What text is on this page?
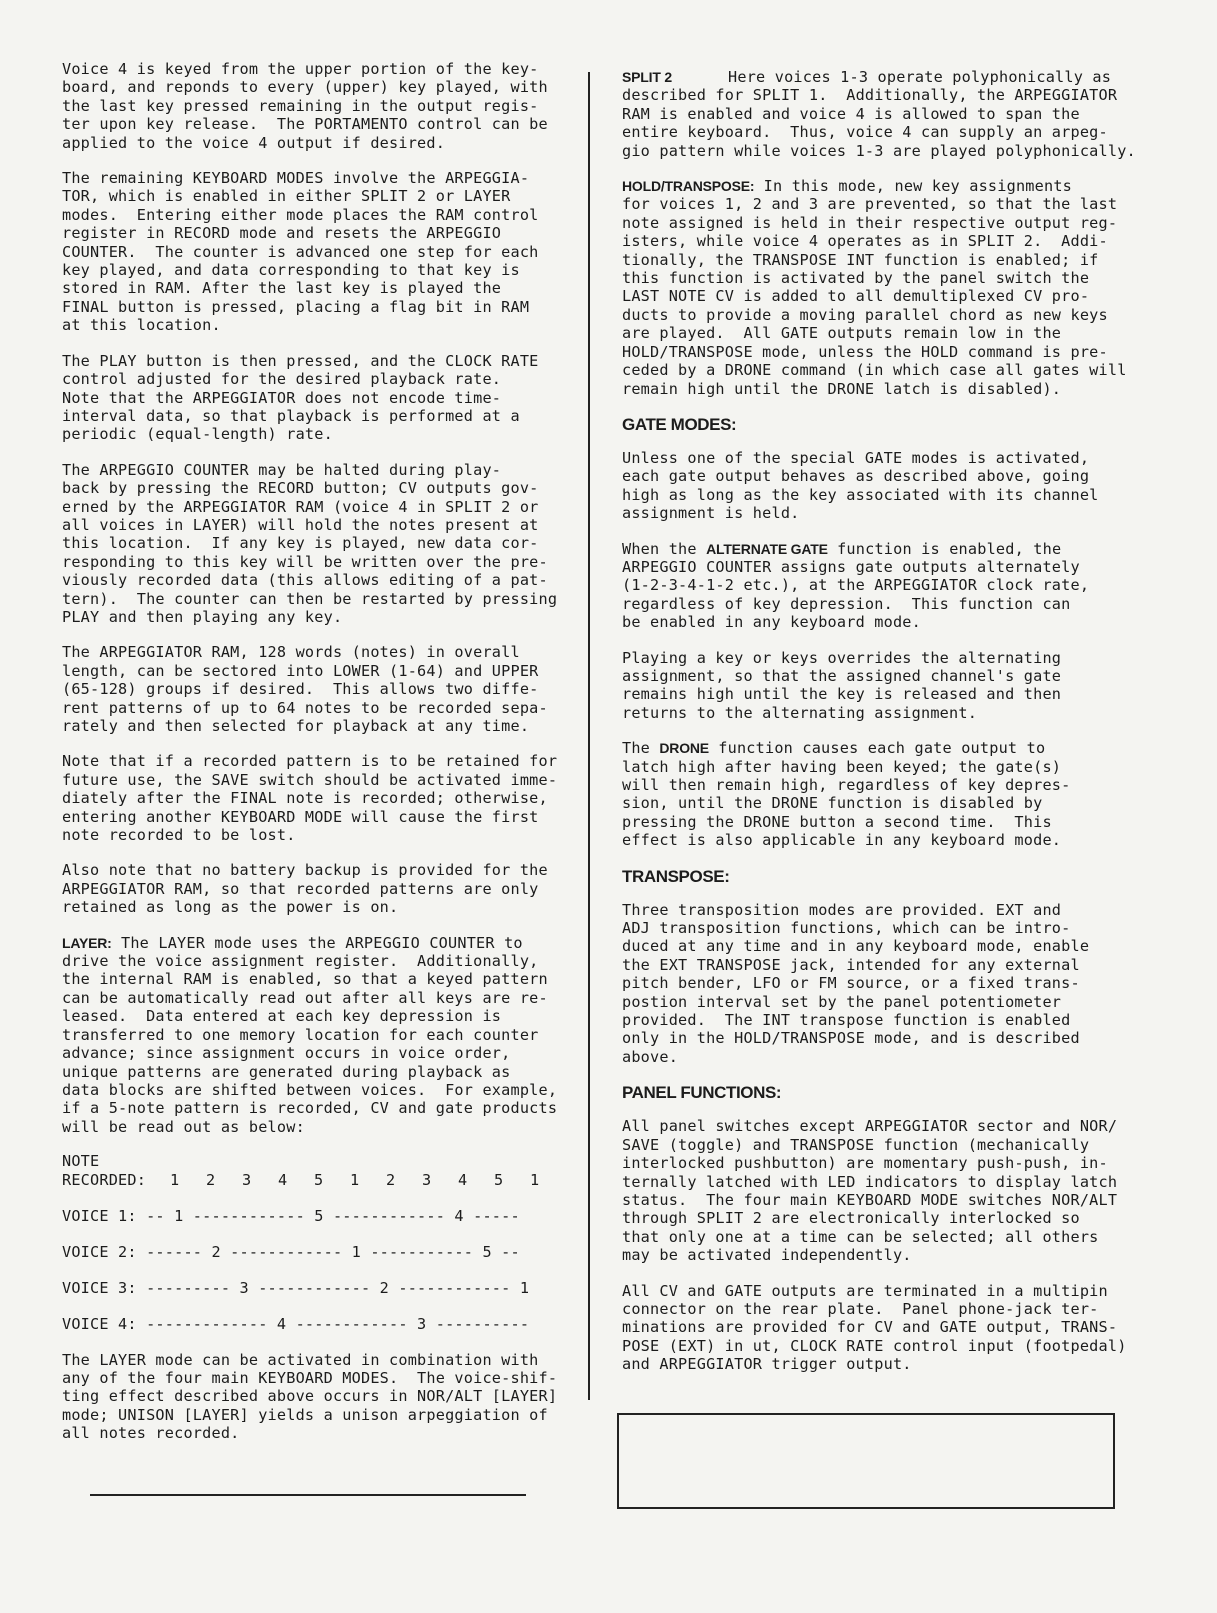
Voice 4 is keyed from the upper portion of the key-
board, and reponds to every (upper) key played, with
the last key pressed remaining in the output regis-
ter upon key release.  The PORTAMENTO control can be
applied to the voice 4 output if desired.
The remaining KEYBOARD MODES involve the ARPEGGIA-
TOR, which is enabled in either SPLIT 2 or LAYER
modes.  Entering either mode places the RAM control
register in RECORD mode and resets the ARPEGGIO
COUNTER.  The counter is advanced one step for each
key played, and data corresponding to that key is
stored in RAM. After the last key is played the
FINAL button is pressed, placing a flag bit in RAM
at this location.
The PLAY button is then pressed, and the CLOCK RATE
control adjusted for the desired playback rate.
Note that the ARPEGGIATOR does not encode time-
interval data, so that playback is performed at a
periodic (equal-length) rate.
The ARPEGGIO COUNTER may be halted during play-
back by pressing the RECORD button; CV outputs gov-
erned by the ARPEGGIATOR RAM (voice 4 in SPLIT 2 or
all voices in LAYER) will hold the notes present at
this location.  If any key is played, new data cor-
responding to this key will be written over the pre-
viously recorded data (this allows editing of a pat-
tern).  The counter can then be restarted by pressing
PLAY and then playing any key.
The ARPEGGIATOR RAM, 128 words (notes) in overall
length, can be sectored into LOWER (1-64) and UPPER
(65-128) groups if desired.  This allows two diffe-
rent patterns of up to 64 notes to be recorded sepa-
rately and then selected for playback at any time.
Note that if a recorded pattern is to be retained for
future use, the SAVE switch should be activated imme-
diately after the FINAL note is recorded; otherwise,
entering another KEYBOARD MODE will cause the first
note recorded to be lost.
Also note that no battery backup is provided for the
ARPEGGIATOR RAM, so that recorded patterns are only
retained as long as the power is on.
LAYER: The LAYER mode uses the ARPEGGIO COUNTER to
drive the voice assignment register.  Additionally,
the internal RAM is enabled, so that a keyed pattern
can be automatically read out after all keys are re-
leased.  Data entered at each key depression is
transferred to one memory location for each counter
advance; since assignment occurs in voice order,
unique patterns are generated during playback as
data blocks are shifted between voices.  For example,
if a 5-note pattern is recorded, CV and gate products
will be read out as below:
NOTE
RECORDED: 1 2 3 4 5 1 2 3 4 5 1
VOICE 1: -- 1 ------------ 5 ------------ 4 -----
VOICE 2: ------ 2 ------------ 1 ----------- 5 --
VOICE 3: --------- 3 ------------ 2 ------------ 1
VOICE 4: ------------- 4 ------------ 3 ----------
The LAYER mode can be activated in combination with
any of the four main KEYBOARD MODES.  The voice-shif-
ting effect described above occurs in NOR/ALT [LAYER]
mode; UNISON [LAYER] yields a unison arpeggiation of
all notes recorded.
SPLIT 2      Here voices 1-3 operate polyphonically as
described for SPLIT 1.  Additionally, the ARPEGGIATOR
RAM is enabled and voice 4 is allowed to span the
entire keyboard.  Thus, voice 4 can supply an arpeg-
gio pattern while voices 1-3 are played polyphonically.
HOLD/TRANSPOSE: In this mode, new key assignments
for voices 1, 2 and 3 are prevented, so that the last
note assigned is held in their respective output reg-
isters, while voice 4 operates as in SPLIT 2.  Addi-
tionally, the TRANSPOSE INT function is enabled; if
this function is activated by the panel switch the
LAST NOTE CV is added to all demultiplexed CV pro-
ducts to provide a moving parallel chord as new keys
are played.  All GATE outputs remain low in the
HOLD/TRANSPOSE mode, unless the HOLD command is pre-
ceded by a DRONE command (in which case all gates will
remain high until the DRONE latch is disabled).
GATE MODES:
Unless one of the special GATE modes is activated,
each gate output behaves as described above, going
high as long as the key associated with its channel
assignment is held.
When the ALTERNATE GATE function is enabled, the
ARPEGGIO COUNTER assigns gate outputs alternately
(1-2-3-4-1-2 etc.), at the ARPEGGIATOR clock rate,
regardless of key depression.  This function can
be enabled in any keyboard mode.
Playing a key or keys overrides the alternating
assignment, so that the assigned channel's gate
remains high until the key is released and then
returns to the alternating assignment.
The DRONE function causes each gate output to
latch high after having been keyed; the gate(s)
will then remain high, regardless of key depres-
sion, until the DRONE function is disabled by
pressing the DRONE button a second time.  This
effect is also applicable in any keyboard mode.
TRANSPOSE:
Three transposition modes are provided. EXT and
ADJ transposition functions, which can be intro-
duced at any time and in any keyboard mode, enable
the EXT TRANSPOSE jack, intended for any external
pitch bender, LFO or FM source, or a fixed trans-
postion interval set by the panel potentiometer
provided.  The INT transpose function is enabled
only in the HOLD/TRANSPOSE mode, and is described
above.
PANEL FUNCTIONS:
All panel switches except ARPEGGIATOR sector and NOR/
SAVE (toggle) and TRANSPOSE function (mechanically
interlocked pushbutton) are momentary push-push, in-
ternally latched with LED indicators to display latch
status.  The four main KEYBOARD MODE switches NOR/ALT
through SPLIT 2 are electronically interlocked so
that only one at a time can be selected; all others
may be activated independently.
All CV and GATE outputs are terminated in a multipin
connector on the rear plate.  Panel phone-jack ter-
minations are provided for CV and GATE output, TRANS-
POSE (EXT) in ut, CLOCK RATE control input (footpedal)
and ARPEGGIATOR trigger output.
